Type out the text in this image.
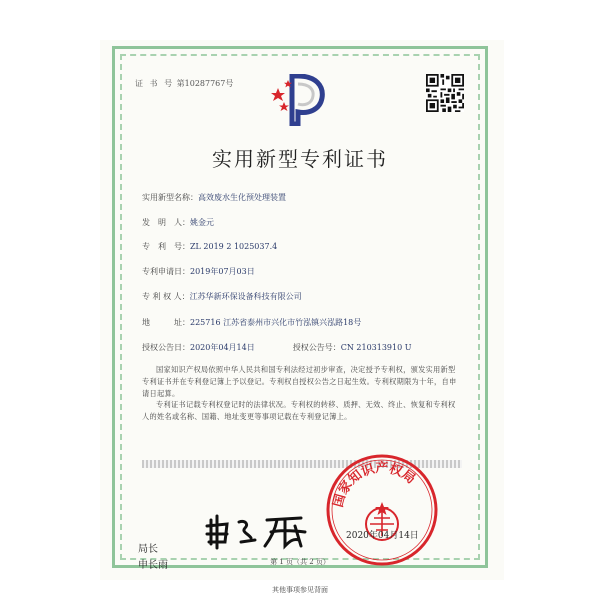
证 书 号 第10287767号
实用新型专利证书
实用新型名称：高效废水生化预处理装置
发　明　人：姚金元
专　利　号：ZL 2019 2 1025037.4
专利申请日：2019年07月03日
专 利 权 人：江苏华新环保设备科技有限公司
地　　　址：225716 江苏省泰州市兴化市竹泓镇兴泓路18号
授权公告日：2020年04月14日	授权公告号：CN 210313910 U
国家知识产权局依照中华人民共和国专利法经过初步审查，决定授予专利权，颁发实用新型专利证书并在专利登记簿上予以登记。专利权自授权公告之日起生效。专利权期限为十年，自申请日起算。
专利证书记载专利权登记时的法律状况。专利权的转移、质押、无效、终止、恢复和专利权人的姓名或名称、国籍、地址变更等事项记载在专利登记簿上。
国家知识产权局
2020年04月14日
局长
申长雨	第 1 页（共 2 页）
其他事项参见背面
